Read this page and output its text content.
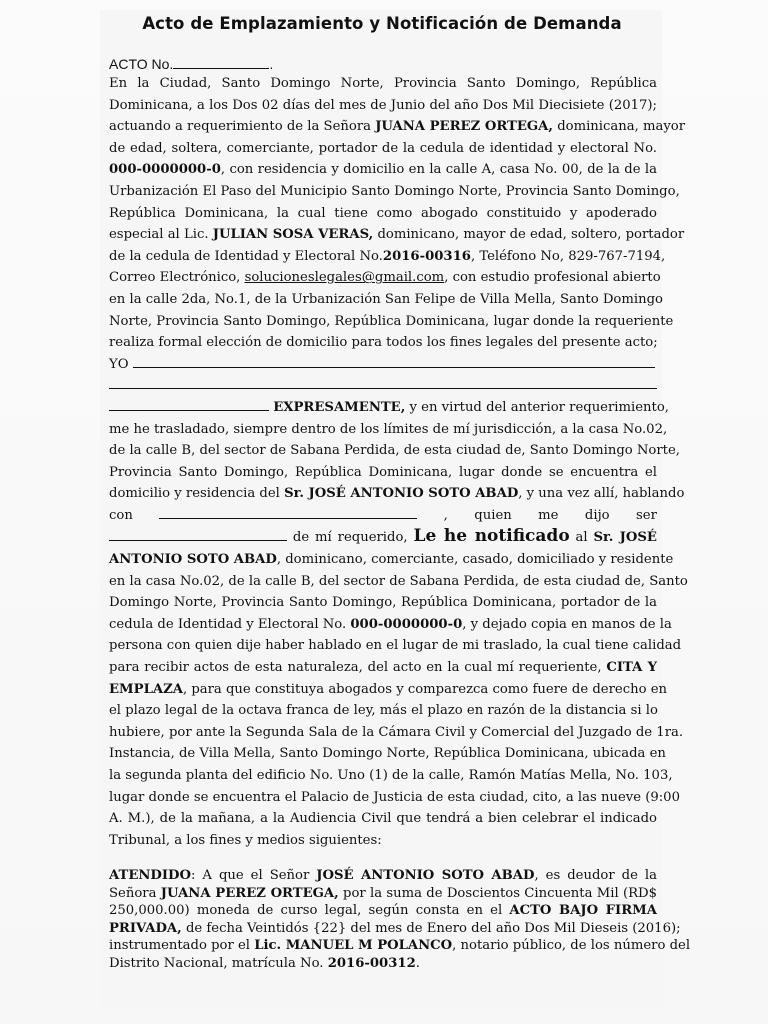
Acto de Emplazamiento y Notificación de Demanda
ACTO No.	.
En la Ciudad, Santo Domingo Norte, Provincia Santo Domingo, República
Dominicana, a los Dos 02 días del mes de Junio del año Dos Mil Diecisiete (2017);
actuando a requerimiento de la Señora JUANA PEREZ ORTEGA, dominicana, mayor
de edad, soltera, comerciante, portador de la cedula de identidad y electoral No.
000-0000000-0, con residencia y domicilio en la calle A, casa No. 00, de la de la
Urbanización El Paso del Municipio Santo Domingo Norte, Provincia Santo Domingo,
República Dominicana, la cual tiene como abogado constituido y apoderado
especial al Lic. JULIAN SOSA VERAS, dominicano, mayor de edad, soltero, portador
de la cedula de Identidad y Electoral No.2016-00316, Teléfono No, 829-767-7194,
Correo Electrónico, solucioneslegales@gmail.com, con estudio profesional abierto
en la calle 2da, No.1, de la Urbanización San Felipe de Villa Mella, Santo Domingo
Norte, Provincia Santo Domingo, República Dominicana, lugar donde la requeriente
realiza formal elección de domicilio para todos los fines legales del presente acto;
YO
EXPRESAMENTE, y en virtud del anterior requerimiento,
me he trasladado, siempre dentro de los límites de mí jurisdicción, a la casa No.02,
de la calle B, del sector de Sabana Perdida, de esta ciudad de, Santo Domingo Norte,
Provincia Santo Domingo, República Dominicana, lugar donde se encuentra el
domicilio y residencia del Sr. JOSÉ ANTONIO SOTO ABAD, y una vez allí, hablando
con	, quien me dijo ser
de mí requerido, Le he notificado al Sr. JOSÉ
ANTONIO SOTO ABAD, dominicano, comerciante, casado, domiciliado y residente
en la casa No.02, de la calle B, del sector de Sabana Perdida, de esta ciudad de, Santo
Domingo Norte, Provincia Santo Domingo, República Dominicana, portador de la
cedula de Identidad y Electoral No. 000-0000000-0, y dejado copia en manos de la
persona con quien dije haber hablado en el lugar de mi traslado, la cual tiene calidad
para recibir actos de esta naturaleza, del acto en la cual mí requeriente, CITA Y
EMPLAZA, para que constituya abogados y comparezca como fuere de derecho en
el plazo legal de la octava franca de ley, más el plazo en razón de la distancia si lo
hubiere, por ante la Segunda Sala de la Cámara Civil y Comercial del Juzgado de 1ra.
Instancia, de Villa Mella, Santo Domingo Norte, República Dominicana, ubicada en
la segunda planta del edificio No. Uno (1) de la calle, Ramón Matías Mella, No. 103,
lugar donde se encuentra el Palacio de Justicia de esta ciudad, cito, a las nueve (9:00
A. M.), de la mañana, a la Audiencia Civil que tendrá a bien celebrar el indicado
Tribunal, a los fines y medios siguientes:
ATENDIDO: A que el Señor JOSÉ ANTONIO SOTO ABAD, es deudor de la
Señora JUANA PEREZ ORTEGA, por la suma de Doscientos Cincuenta Mil (RD$
250,000.00) moneda de curso legal, según consta en el ACTO BAJO FIRMA
PRIVADA, de fecha Veintidós {22} del mes de Enero del año Dos Mil Dieseis (2016);
instrumentado por el Lic. MANUEL M POLANCO, notario público, de los número del
Distrito Nacional, matrícula No. 2016-00312.
